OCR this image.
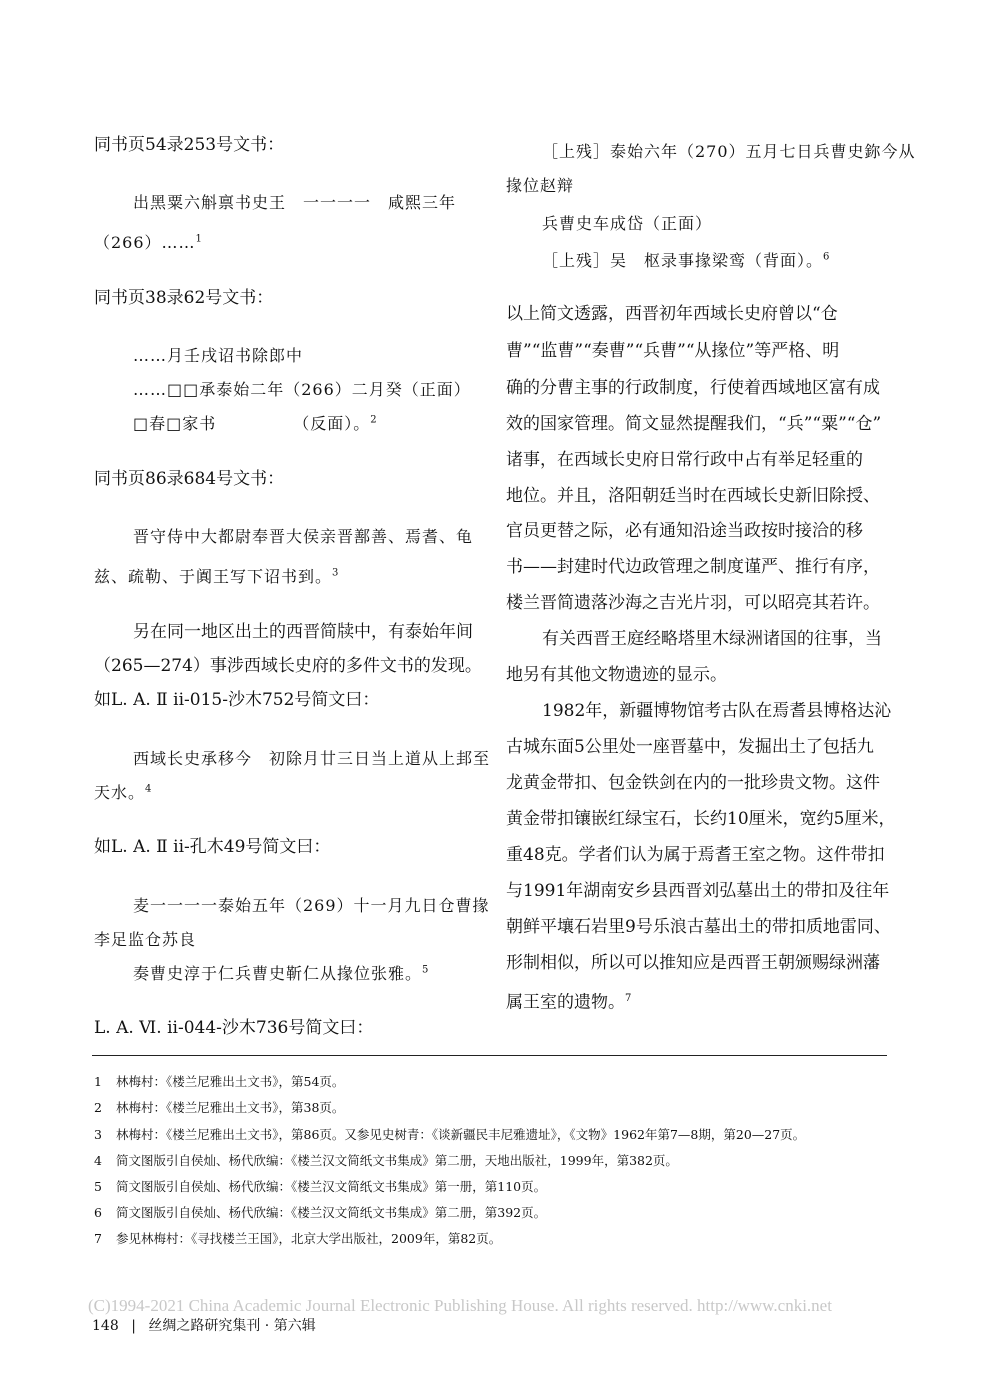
同书页54录253号文书：
出黑粟六斛禀书史王　一一一一　咸熙三年
（266）……$^1$
同书页38录62号文书：
……月壬戌诏书除郎中
……□□承泰始二年（266）二月癸（正面）
□春□家书　　　　　（反面）。$^2$
同书页86录684号文书：
晋守侍中大都尉奉晋大侯亲晋鄯善、焉耆、龟
兹、疏勒、于阗王写下诏书到。$^3$
另在同一地区出土的西晋简牍中，有泰始年间
（265—274）事涉西域长史府的多件文书的发现。
如L. A. Ⅱ ii-015-沙木752号简文曰：
西域长史承移今　初除月廿三日当上道从上邽至
天水。$^4$
如L. A. Ⅱ ii-孔木49号简文曰：
麦一一一一泰始五年（269）十一月九日仓曹掾
李足监仓苏良
奏曹史淳于仁兵曹史靳仁从掾位张雅。$^5$
L. A. Ⅵ. ii-044-沙木736号简文曰：
［上残］泰始六年（270）五月七日兵曹史鉨今从
掾位赵辩
兵曹史车成岱（正面）
［上残］吴　枢录事掾梁鸾（背面）。$^6$
以上简文透露，西晋初年西域长史府曾以“仓
曹”“监曹”“奏曹”“兵曹”“从掾位”等严格、明
确的分曹主事的行政制度，行使着西域地区富有成
效的国家管理。简文显然提醒我们，“兵”“粟”“仓”
诸事，在西域长史府日常行政中占有举足轻重的
地位。并且，洛阳朝廷当时在西域长史新旧除授、
官员更替之际，必有通知沿途当政按时接洽的移
书——封建时代边政管理之制度谨严、推行有序，
楼兰晋简遗落沙海之吉光片羽，可以昭亮其若许。
有关西晋王庭经略塔里木绿洲诸国的往事，当
地另有其他文物遗迹的显示。
1982年，新疆博物馆考古队在焉耆县博格达沁
古城东面5公里处一座晋墓中，发掘出土了包括九
龙黄金带扣、包金铁剑在内的一批珍贵文物。这件
黄金带扣镶嵌红绿宝石，长约10厘米，宽约5厘米，
重48克。学者们认为属于焉耆王室之物。这件带扣
与1991年湖南安乡县西晋刘弘墓出土的带扣及往年
朝鲜平壤石岩里9号乐浪古墓出土的带扣质地雷同、
形制相似，所以可以推知应是西晋王朝颁赐绿洲藩
属王室的遗物。$^7$
1 林梅村：《楼兰尼雅出土文书》，第54页。
2 林梅村：《楼兰尼雅出土文书》，第38页。
3 林梅村：《楼兰尼雅出土文书》，第86页。又参见史树青：《谈新疆民丰尼雅遗址》，《文物》1962年第7—8期，第20—27页。
4 简文图版引自侯灿、杨代欣编：《楼兰汉文简纸文书集成》第二册，天地出版社，1999年，第382页。
5 简文图版引自侯灿、杨代欣编：《楼兰汉文简纸文书集成》第一册，第110页。
6 简文图版引自侯灿、杨代欣编：《楼兰汉文简纸文书集成》第二册，第392页。
7 参见林梅村：《寻找楼兰王国》，北京大学出版社，2009年，第82页。
(C)1994-2021 China Academic Journal Electronic Publishing House. All rights reserved. http://www.cnki.net
148 | 丝绸之路研究集刊 · 第六辑
